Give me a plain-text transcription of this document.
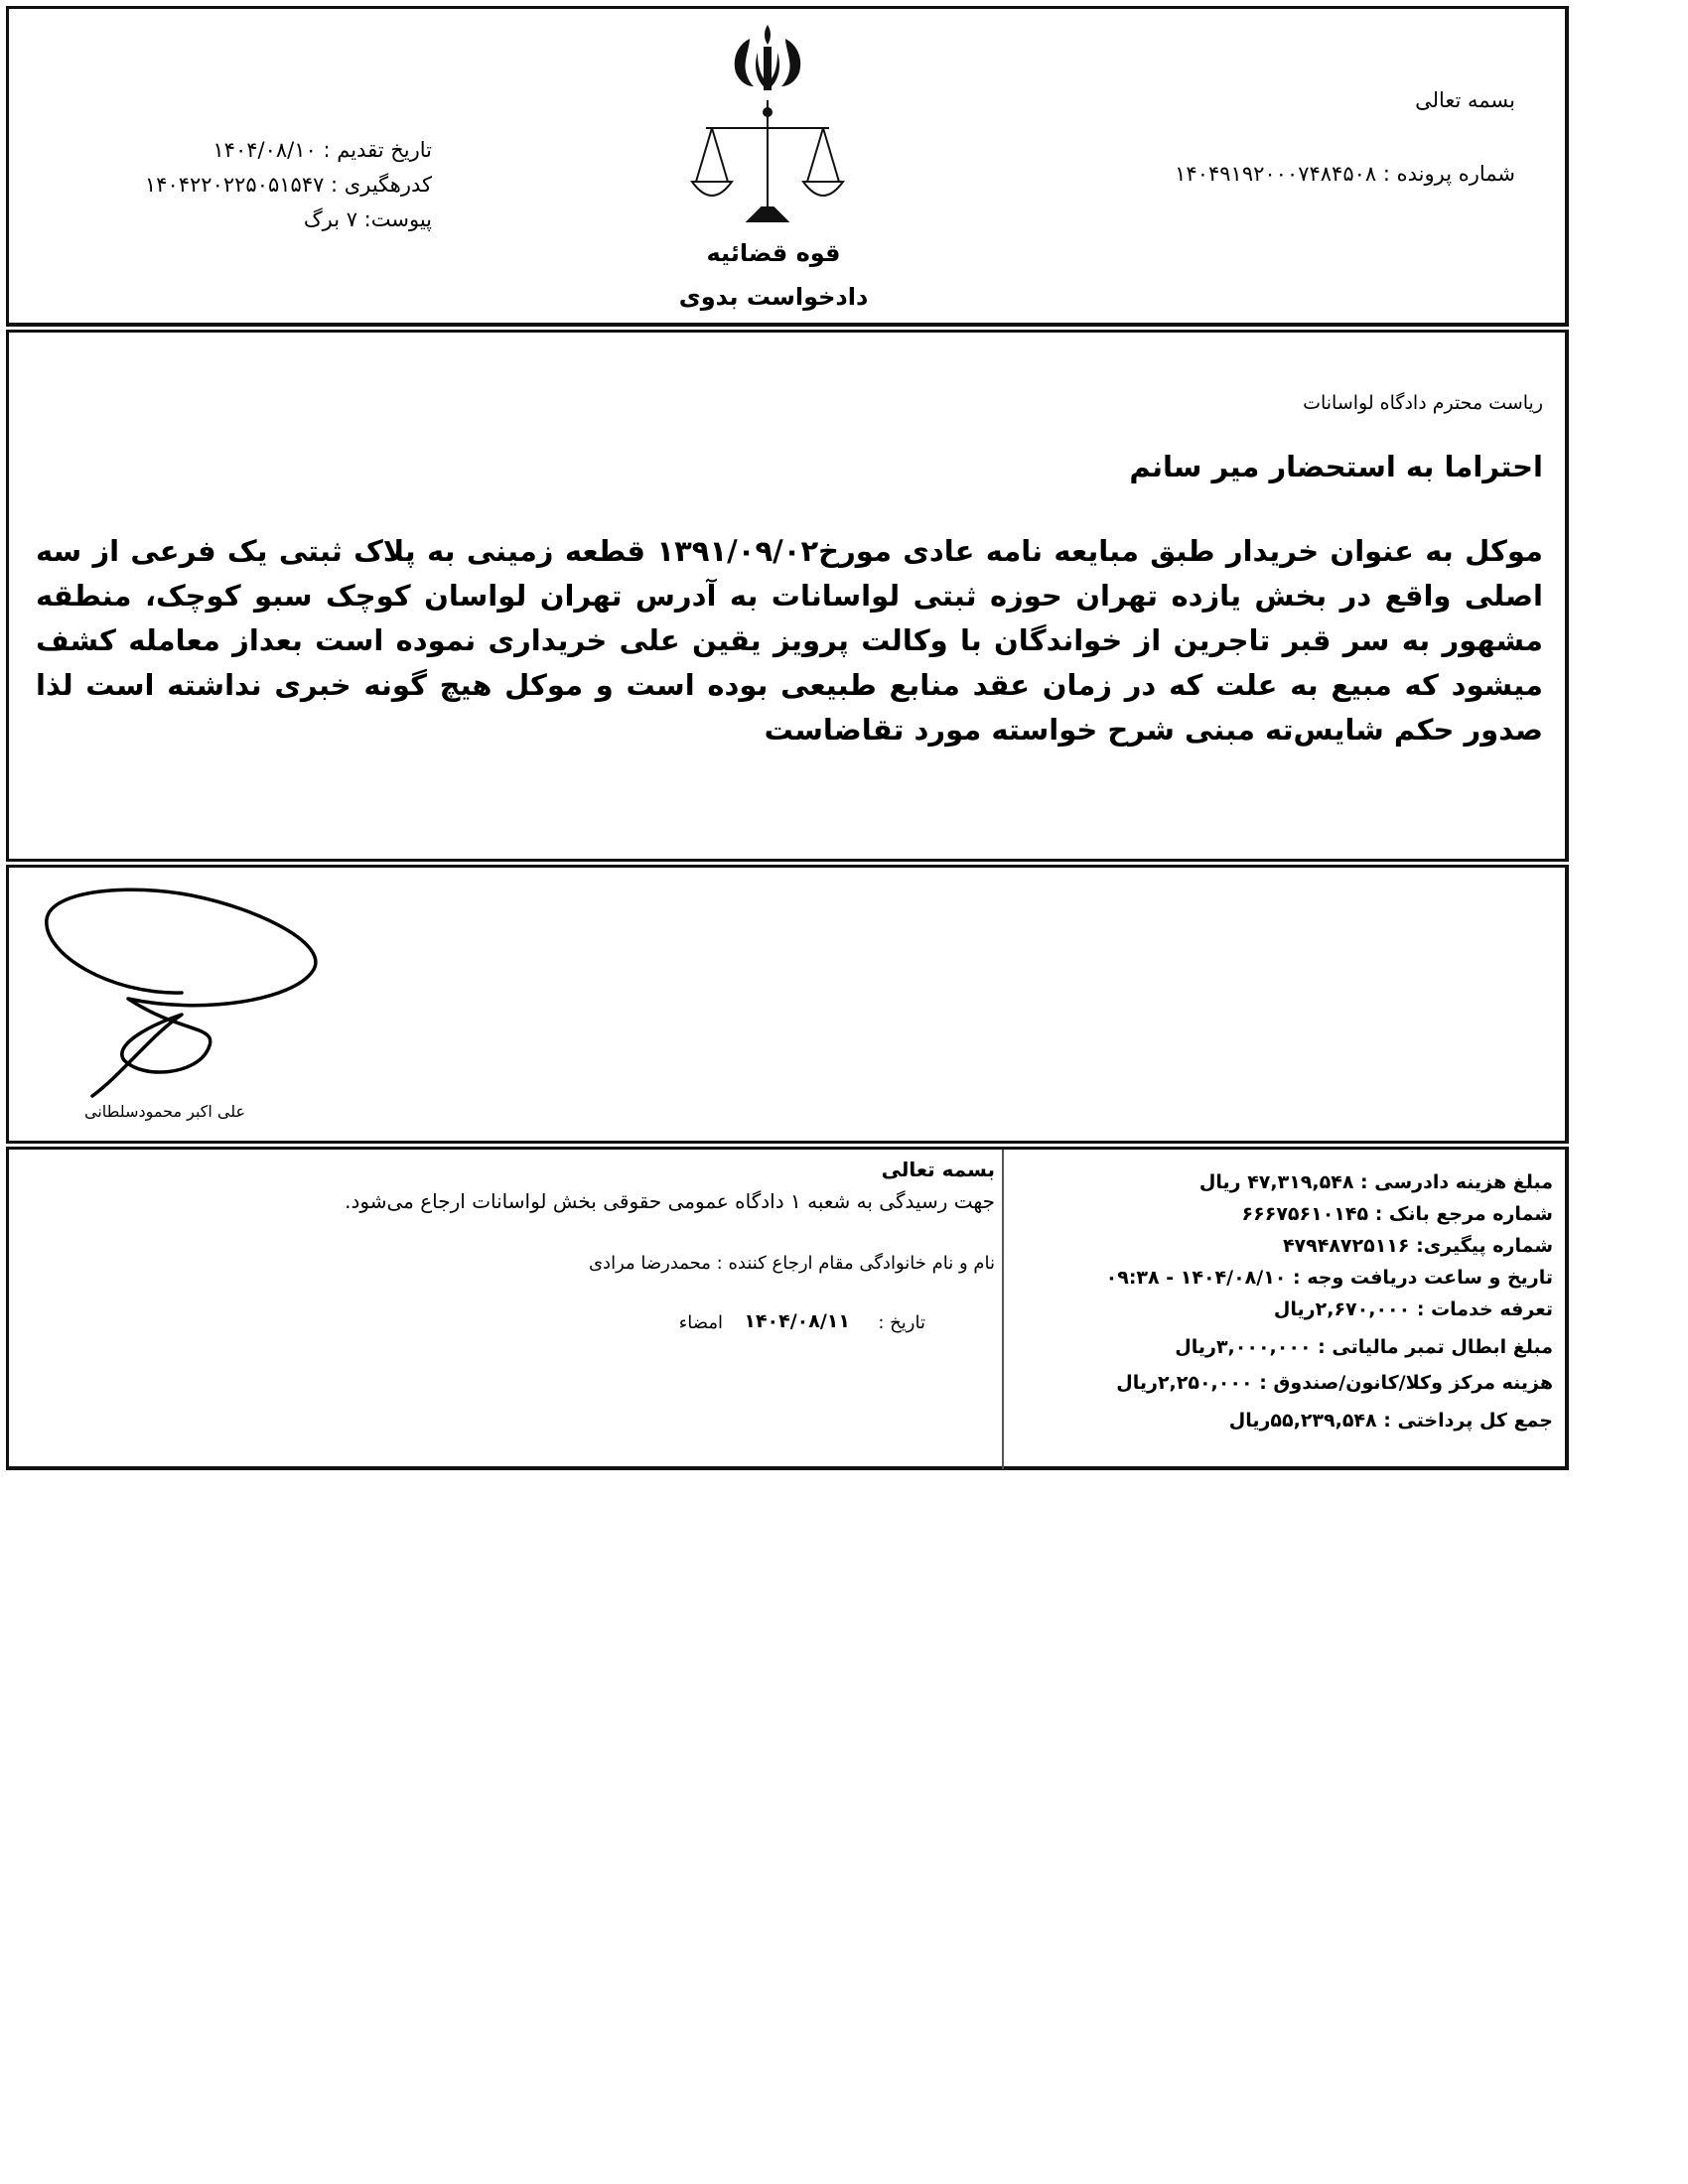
بسمه تعالی
شماره پرونده : ۱۴۰۴۹۱۹۲۰۰۰۷۴۸۴۵۰۸
تاریخ تقدیم : ۱۴۰۴/۰۸/۱۰
کدرهگیری : ۱۴۰۴۲۲۰۲۲۵۰۵۱۵۴۷
پیوست: ۷ برگ
قوه قضائیه
دادخواست بدوی
ریاست محترم دادگاه لواسانات
احتراما به استحضار میر سانم
موکل به عنوان خریدار طبق مبایعه نامه عادی مورخ۱۳۹۱/۰۹/۰۲ قطعه زمینی به پلاک ثبتی یک فرعی از سه اصلی واقع در بخش یازده تهران حوزه ثبتی لواسانات به آدرس تهران لواسان کوچک سبو کوچک، منطقه مشهور به سر قبر تاجرین از خواندگان با وکالت پرویز یقین علی خریداری نموده است بعداز معامله کشف میشود که مبیع به علت که در زمان عقد منابع طبیعی بوده است و موکل هیچ گونه خبری نداشته است لذا صدور حکم شایس‌ته مبنی شرح خواسته مورد تقاضاست
علی اکبر محمودسلطانی
بسمه تعالی
جهت رسیدگی به شعبه ۱ دادگاه عمومی حقوقی بخش لواسانات ارجاع می‌شود.
نام و نام خانوادگی مقام ارجاع کننده : محمدرضا مرادی
تاریخ :
۱۴۰۴/۰۸/۱۱
امضاء
مبلغ هزینه دادرسی : ۴۷,۳۱۹,۵۴۸ ریال
شماره مرجع بانک : ۶۶۶۷۵۶۱۰۱۴۵
شماره پیگیری: ۴۷۹۴۸۷۲۵۱۱۶
تاریخ و ساعت دریافت وجه : ۱۴۰۴/۰۸/۱۰ - ۰۹:۳۸
تعرفه خدمات : ۲,۶۷۰,۰۰۰ریال
مبلغ ابطال تمبر مالیاتی : ۳,۰۰۰,۰۰۰ریال
هزینه مرکز وکلا/کانون/صندوق : ۲,۲۵۰,۰۰۰ریال
جمع کل پرداختی : ۵۵,۲۳۹,۵۴۸ریال
